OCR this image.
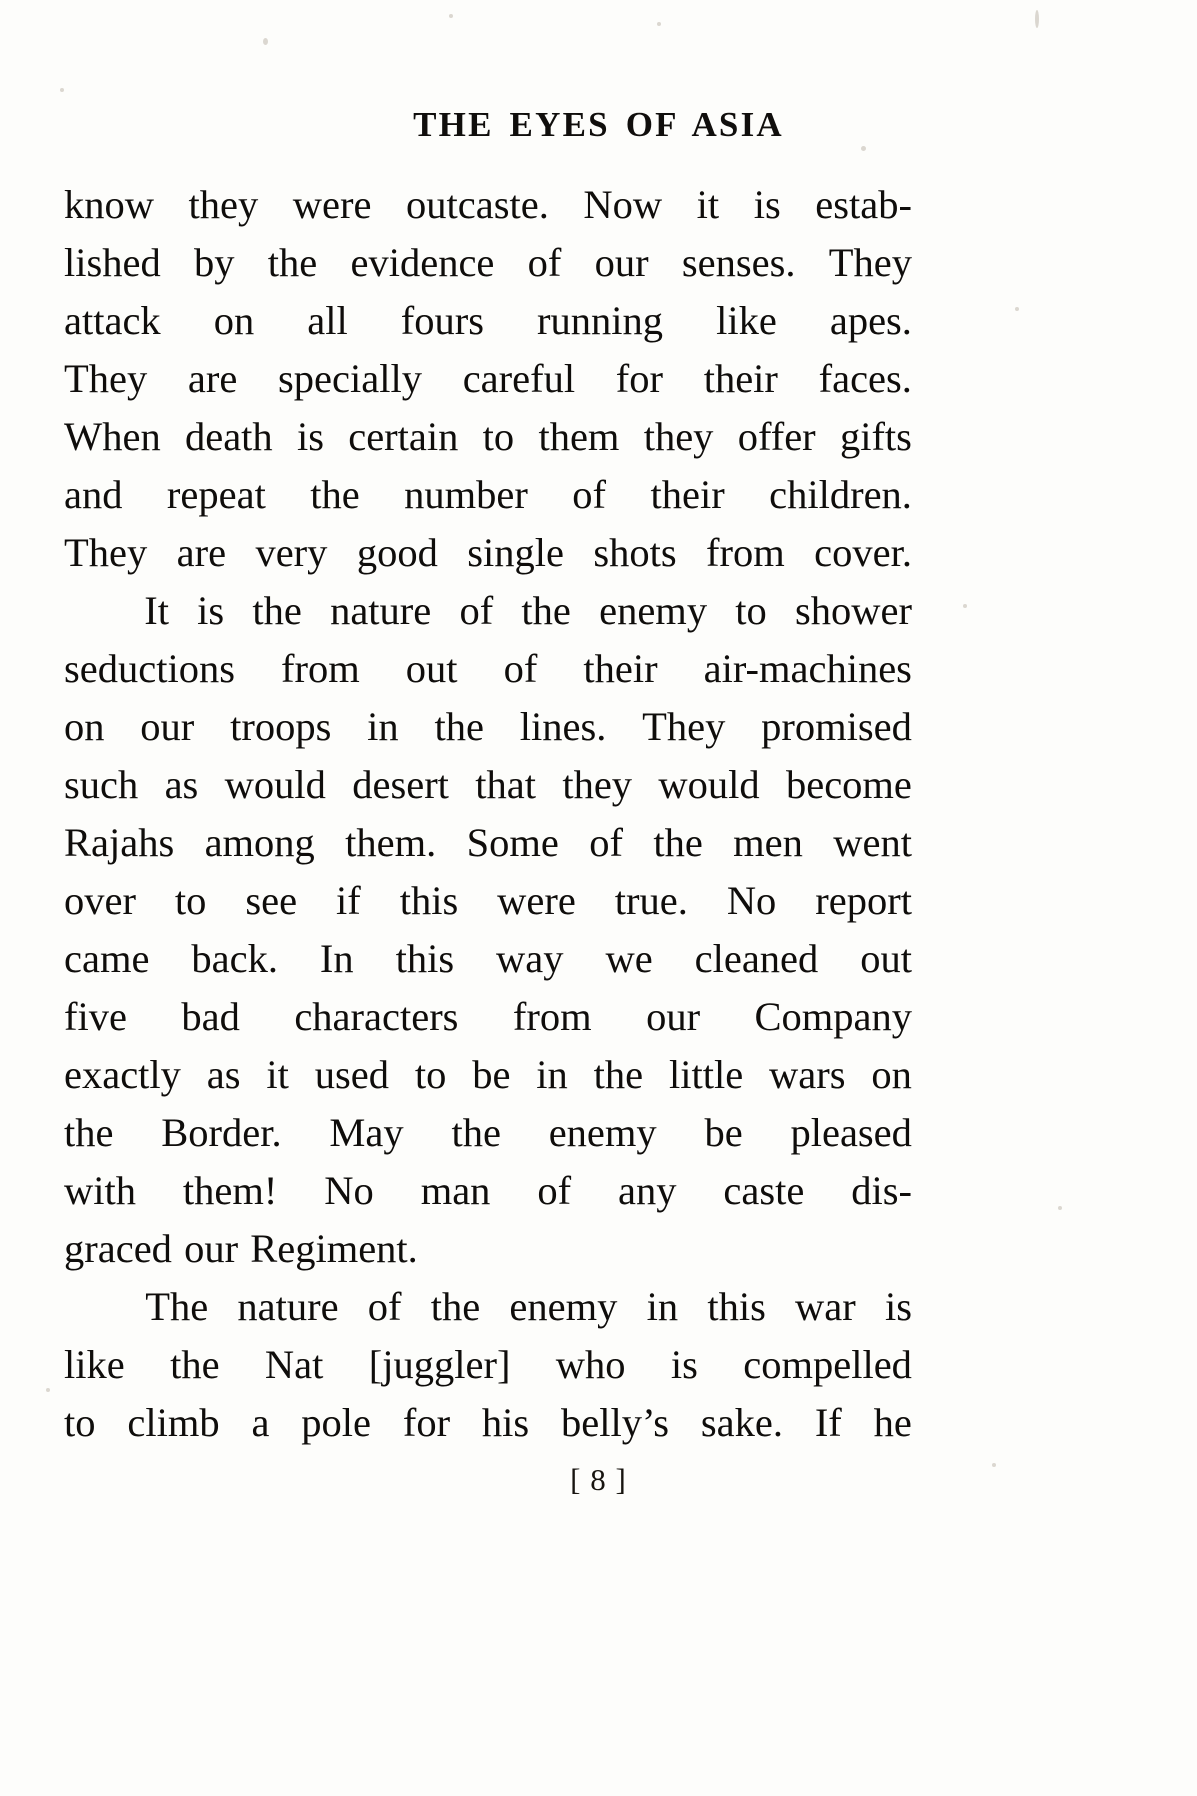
THE EYES OF ASIA
know they were outcaste. Now it is estab-
lished by the evidence of our senses. They
attack on all fours running like apes.
They are specially careful for their faces.
When death is certain to them they offer gifts
and repeat the number of their children.
They are very good single shots from cover.
It is the nature of the enemy to shower
seductions from out of their air-machines
on our troops in the lines. They promised
such as would desert that they would become
Rajahs among them. Some of the men went
over to see if this were true. No report
came back. In this way we cleaned out
five bad characters from our Company
exactly as it used to be in the little wars on
the Border. May the enemy be pleased
with them! No man of any caste dis-
graced our Regiment.
The nature of the enemy in this war is
like the Nat [juggler] who is compelled
to climb a pole for his belly’s sake. If he
[ 8 ]
